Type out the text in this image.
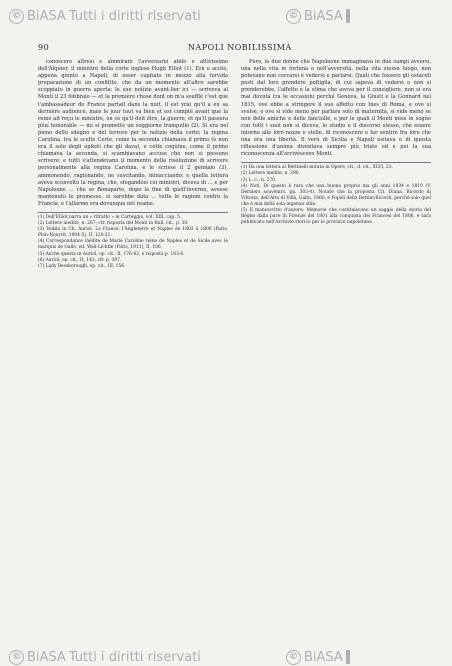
© BiASA Tutti i diritti riservati	© BiASA
90	NAPOLI NOBILISSIMA

conoscere altresì e ammirare l'avversario abile e attivissimo dell'Alquier, il ministro della corte inglese Hugh Elliot (1). Era e acuto, appena giunto a Napoli, di esser capitato in mezzo alla fervida preparazione di un conflitto, che da un momento all'altro sarebbe scoppiato in guerra aperta: le sue notizie avant-lier ici — scriveva al Monti il 23 febbraio — et la première chose dont on m'a soufflé c'est que l'ambassadeur de France partait dans la nuit, il est vrai qu'il a eu sa dernière audience, mais le jour tout va bien et est compté avant que la reine ait reçu le ministre, en ce qu'il doit être, la guerre, et qu'il passera plus honorable — mi si promette un soggiorno tranquillo (2). Si era nel pieno dello sdegno e del terrore per le notizie della corte; la regina Carolina, tra le scelte Certe, come la seconda chiamava il primo (è non era il solo degli epiteti che gli dava), e cette coquine, come il primo chiamava la seconda, si scambiavano accuse che non si possono scrivere; e tutti s'attendevano il momento della risoluzione di scrivere personalmente alla regina Carolina, e le scrisse il 2 gennaio (3), ammonendo, ragionando, ne suscitando, minacciando; e quella lettera aveva sconvolto la regina, che, sfogandosi coi ministri, diceva di ... e per Napoleone ... che se Bonaparte, dopo la fine di quell'inverno, avesse mantenuto le promesse, si sarebbe data ... tutte le ragioni contro la Francia, e l'allarme era dovunque nel reame.

(1) Dell'Elliot narra un « ritratto » in Carteggio, vol. XIII, cap. 5.
(2) Lettere inedite, n. 267; cfr. risposta del Monti in Bull. cit., p. 30.
(3) Vedila in Ch. Auriol, La France, l'Angleterre et Naples de 1803 à 1806 (Paris, Plon-Nourrit, 1904-5), II, 120-21.
(4) Correspondance inédite de Marie Caroline reine de Naples et de Sicile avec le marquis de Gallo, ed. Weil-Lichtle (Paris, 1911), II, 186.
(5) Anche questa in Auriol, op. cit., II, 176-82, e risposta p. 163-6.
(6) Auriol, op. cit., II, 142; cfr. p. 307.
(7) Lady Bessborough, op. cit., III, 156.

Pure, le due donne che Napoleone immaginava in due campi avversi, una nella vita in fortuna e nell'avversità, nella vita stesso luogo, non potevano non cercarsi e vedersi e parlarsi. Quali che fossero gli ostacoli posti dal loro prendere poltiglia, di cui sapeva di vedersi e non si prenderebbe, l'affetto e la stima che aveva per il consigliere, non si era mai dovuta tra le occasioni perché Genova, la Giusti e la Gonnard nel 1815, ove ebbe a stringere il suo affetto con Ines di Roma, e ove si svolse, e ove si vide meno per parlare solo di maternità, si vide meno se non delle amiche e delle fanciulle, e per le quali il Monti mise in sogno con tutti i suoi non si diceva, lo studio e il discorso stesso, che essere intorno alle loro nozze e stelle, di riconoscere e far sentire fra loro che una era una libertà. Il vero di Sicilia e Napoli esitava e di questa riflessione d'anima diventava sempre più triste ed e poi la sua riconoscenza all'arcivescovo Monti.

(1) Da una lettera al Bettinelli mirata in Opere, cit., d. cit., XLVI, 23.
(2) Lettere inedite, n. 290.
(3) L. c., n. 270.
(4) Noti. Di questo è raro che una buona proprio ma gli anni 1834 e 1810 (V. Derniers souvenirs, pp. 303-4). Notate che la proposta Cit. Diana, Ricordo di Vittoria, dell'Atto di Villa, Gallo, 1860, e Popoli della Bettini-Ricordi, perché solo quel che è mai della sola ingenuo stile.
(5) Il manoscritto d'autore: Memorie che costituiscono un saggio della storia del Regno dalla pace di Firenze del 1801 alla conquista dei Francesi del 1806, e sarà pubblicato nell'Archivio storico per le province napoletane.
© BiASA Tutti i diritti riservati	© BiASA
